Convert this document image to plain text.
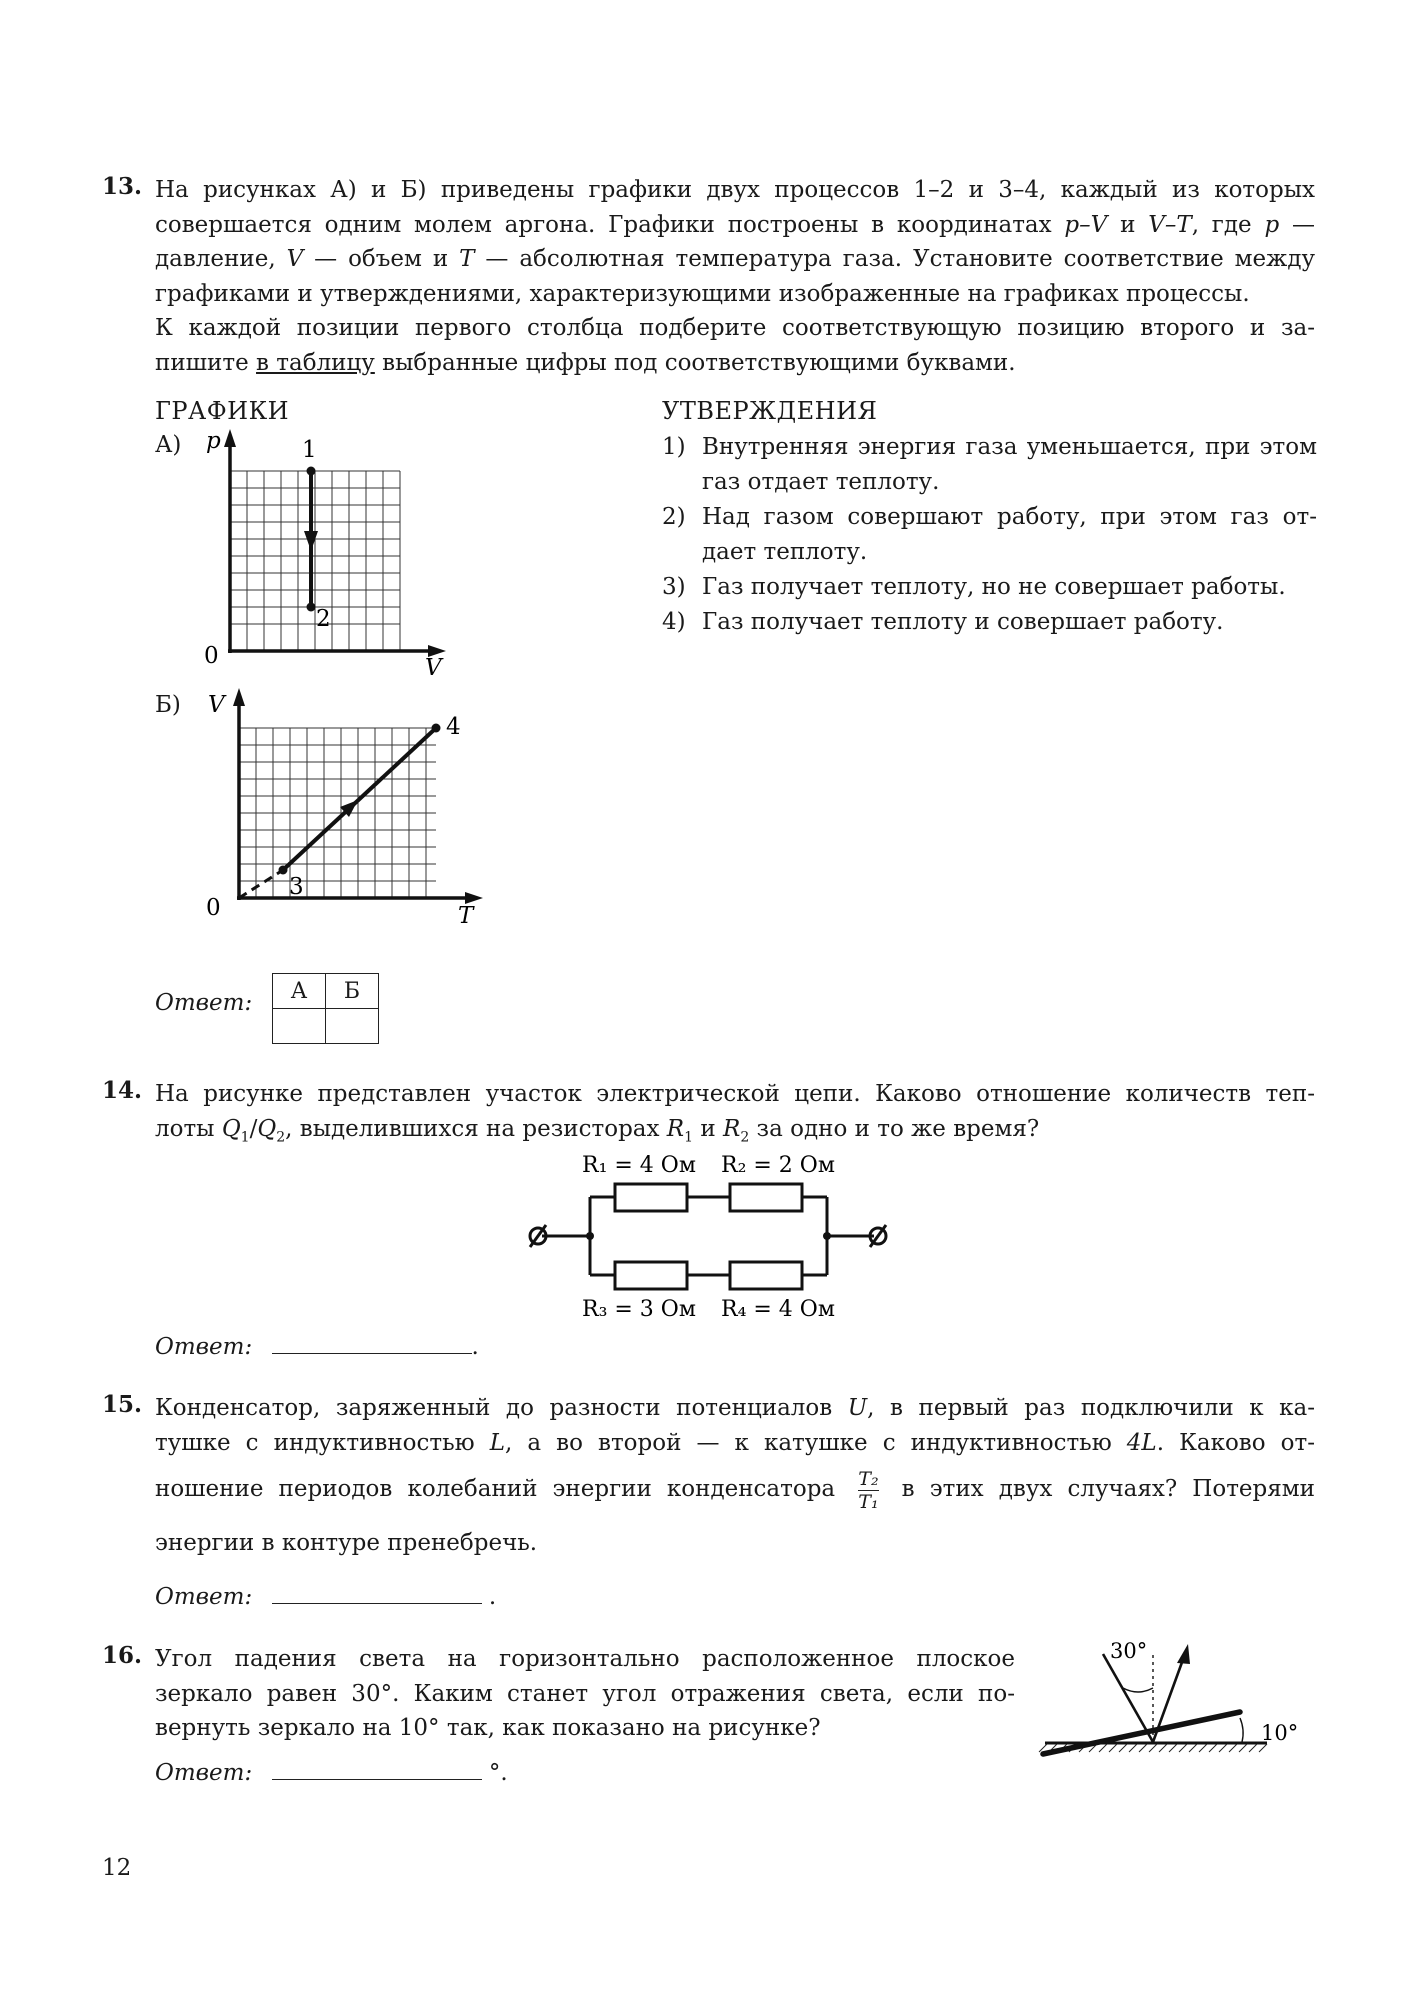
13. На рисунках А) и Б) приведены графики двух процессов 1–2 и 3–4, каждый из которых
совершается одним молем аргона. Графики построены в координатах p–V и V–T, где p —
давление, V — объем и T — абсолютная температура газа. Установите соответствие между
графиками и утверждениями, характеризующими изображенные на графиках процессы.
К каждой позиции первого столбца подберите соответствующую позицию второго и за-
пишите в таблицу выбранные цифры под соответствующими буквами.
ГРАФИКИ	УТВЕРЖДЕНИЯ
А) p
V
0
1
2
Б) V
T
0
3
4
1) Внутренняя энергия газа уменьшается, при этом газ отдает теплоту.
2) Над газом совершают работу, при этом газ от-дает теплоту.
3) Газ получает теплоту, но не совершает работы.
4) Газ получает теплоту и совершает работу.
Ответ: А	Б

14. На рисунке представлен участок электрической цепи. Каково отношение количеств теп-
лоты $Q_1/Q_2$, выделившихся на резисторах $R_1$ и $R_2$ за одно и то же время?
R₁ = 4 Ом R₂ = 2 Ом
R₃ = 3 Ом R₄ = 4 Ом
Ответ:	.
15. Конденсатор, заряженный до разности потенциалов U, в первый раз подключили к ка-
тушке с индуктивностью L, а во второй — к катушке с индуктивностью 4L. Каково от-
ношение периодов колебаний энергии конденсатора $\frac{\text{T₂}}{\text{T₁}}$ в этих двух случаях? Потерями
энергии в контуре пренебречь.
Ответ:	.
16. Угол падения света на горизонтально расположенное плоское
зеркало равен 30°. Каким станет угол отражения света, если по-
вернуть зеркало на 10° так, как показано на рисунке?
30°
10°
Ответ:	°.
12
